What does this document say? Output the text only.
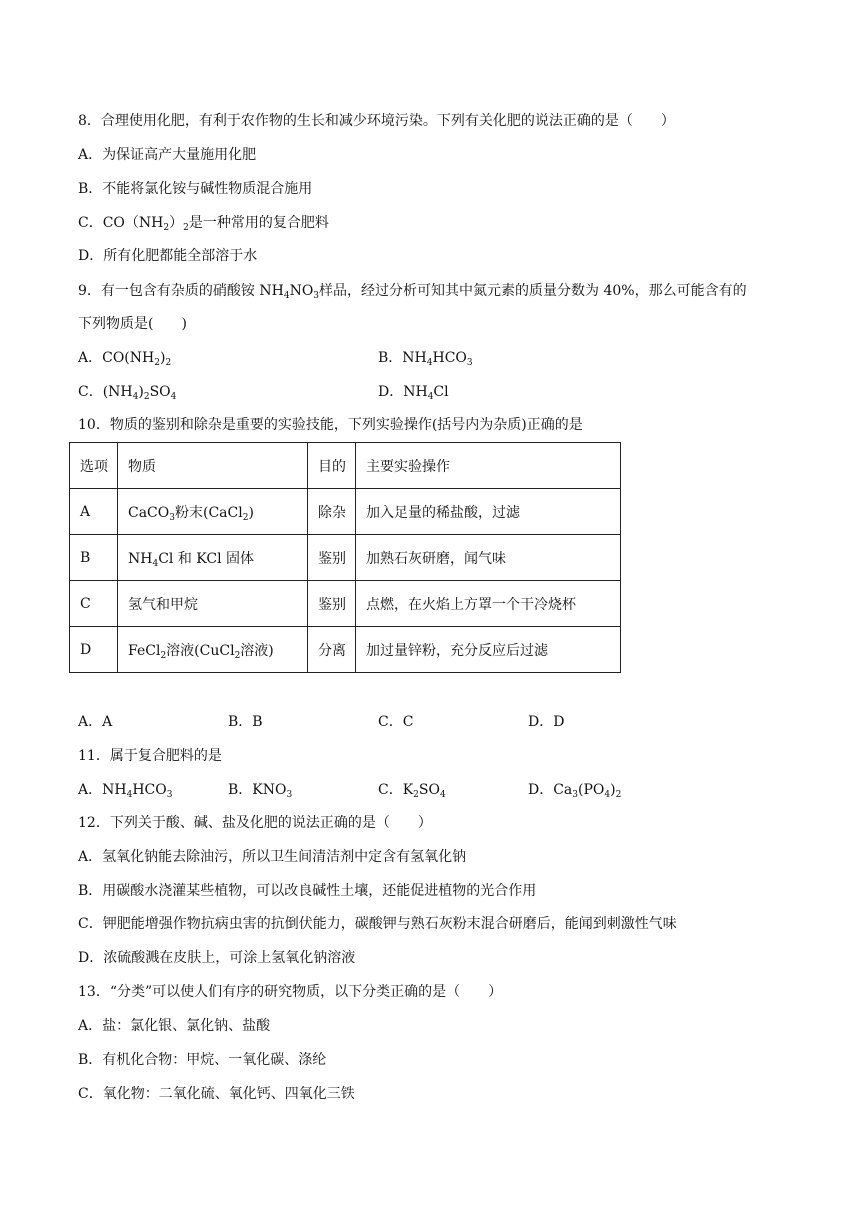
8．合理使用化肥，有利于农作物的生长和减少环境污染。下列有关化肥的说法正确的是（　　）
A．为保证高产大量施用化肥
B．不能将氯化铵与碱性物质混合施用
C．$CO(NH_2)_2$是一种常用的复合肥料
D．所有化肥都能全部溶于水
9．有一包含有杂质的硝酸铵 $NH_4NO_3$样品，经过分析可知其中氮元素的质量分数为 40%，那么可能含有的
下列物质是(　　)
A．$CO(NH_2)_2$	B．$NH_4HCO_3$
C．$(NH_4)_2SO_4$	D．$NH_4Cl$
10．物质的鉴别和除杂是重要的实验技能，下列实验操作(括号内为杂质)正确的是
选项	物质	目的	主要实验操作
A	CaCO$_3$粉末(CaCl$_2$)	除杂	加入足量的稀盐酸，过滤
B	$NH_4Cl$ 和 KCl 固体	鉴别	加熟石灰研磨，闻气味
C	氢气和甲烷	鉴别	点燃，在火焰上方罩一个干冷烧杯
D	FeCl$_2$溶液(CuCl$_2$溶液)	分离	加过量锌粉，充分反应后过滤
A．A	B．B	C．C	D．D
11．属于复合肥料的是
A．$NH_4HCO_3$	B．$KNO_3$	C．$K_2SO_4$	D．$Ca_3(PO_4)_2$
12．下列关于酸、碱、盐及化肥的说法正确的是（　　）
A．氢氧化钠能去除油污，所以卫生间清洁剂中定含有氢氧化钠
B．用碳酸水浇灌某些植物，可以改良碱性土壤，还能促进植物的光合作用
C．钾肥能增强作物抗病虫害的抗倒伏能力，碳酸钾与熟石灰粉末混合研磨后，能闻到刺激性气味
D．浓硫酸溅在皮肤上，可涂上氢氧化钠溶液
13．“分类”可以使人们有序的研究物质，以下分类正确的是（　　）
A．盐：氯化银、氯化钠、盐酸
B．有机化合物：甲烷、一氧化碳、涤纶
C．氧化物：二氧化硫、氧化钙、四氧化三铁
